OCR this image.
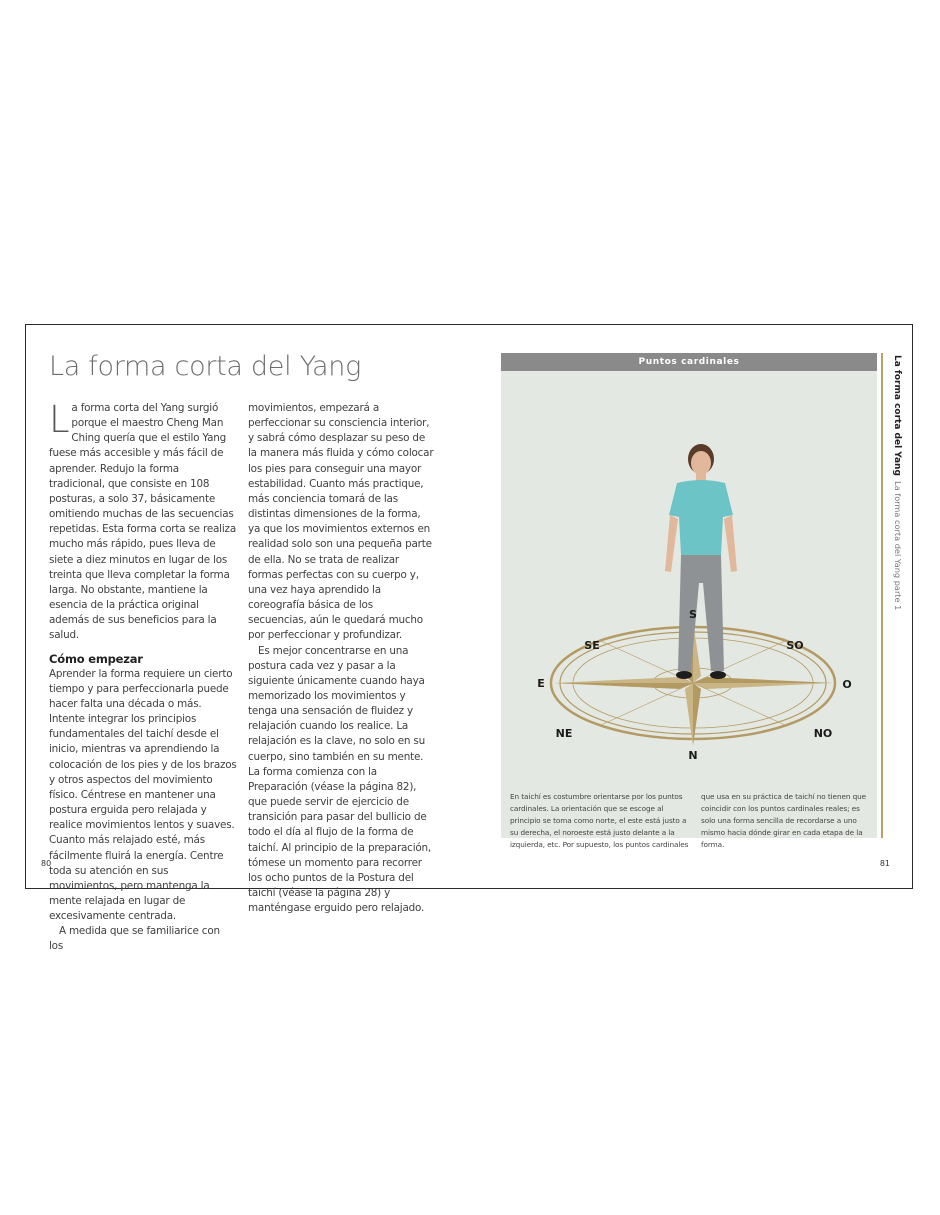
La forma corta del Yang

La forma corta del Yang surgió porque el maestro Cheng Man Ching quería que el estilo Yang fuese más accesible y más fácil de aprender. Redujo la forma tradicional, que consiste en 108 posturas, a solo 37, básicamente omitiendo muchas de las secuencias repetidas. Esta forma corta se realiza mucho más rápido, pues lleva de siete a diez minutos en lugar de los treinta que lleva completar la forma larga. No obstante, mantiene la esencia de la práctica original además de sus beneficios para la salud.

Cómo empezar

Aprender la forma requiere un cierto tiempo y para perfeccionarla puede hacer falta una década o más. Intente integrar los principios fundamentales del taichí desde el inicio, mientras va aprendiendo la colocación de los pies y de los brazos y otros aspectos del movimiento físico. Céntrese en mantener una postura erguida pero relajada y realice movimientos lentos y suaves. Cuanto más relajado esté, más fácilmente fluirá la energía. Centre toda su atención en sus movimientos, pero mantenga la mente relajada en lugar de excesivamente centrada.

A medida que se familiarice con los

movimientos, empezará a perfeccionar su consciencia interior, y sabrá cómo desplazar su peso de la manera más fluida y cómo colocar los pies para conseguir una mayor estabilidad. Cuanto más practique, más conciencia tomará de las distintas dimensiones de la forma, ya que los movimientos externos en realidad solo son una pequeña parte de ella. No se trata de realizar formas perfectas con su cuerpo y, una vez haya aprendido la coreografía básica de los secuencias, aún le quedará mucho por perfeccionar y profundizar.

Es mejor concentrarse en una postura cada vez y pasar a la siguiente únicamente cuando haya memorizado los movimientos y tenga una sensación de fluidez y relajación cuando los realice. La relajación es la clave, no solo en su cuerpo, sino también en su mente. La forma comienza con la Preparación (véase la página 82), que puede servir de ejercicio de transición para pasar del bullicio de todo el día al flujo de la forma de taichí. Al principio de la preparación, tómese un momento para recorrer los ocho puntos de la Postura del taichí (véase la página 28) y manténgase erguido pero relajado.

80
Puntos cardinales
S
N
E	O
SE	SO
NE	NO
En taichí es costumbre orientarse por los puntos cardinales. La orientación que se escoge al principio se toma como norte, el este está justo a su derecha, el noroeste está justo delante a la izquierda, etc. Por supuesto, los puntos cardinales
que usa en su práctica de taichí no tienen que coincidir con los puntos cardinales reales; es solo una forma sencilla de recordarse a uno mismo hacia dónde girar en cada etapa de la forma.
La forma corta del Yang  La forma corta del Yang parte 1
81
